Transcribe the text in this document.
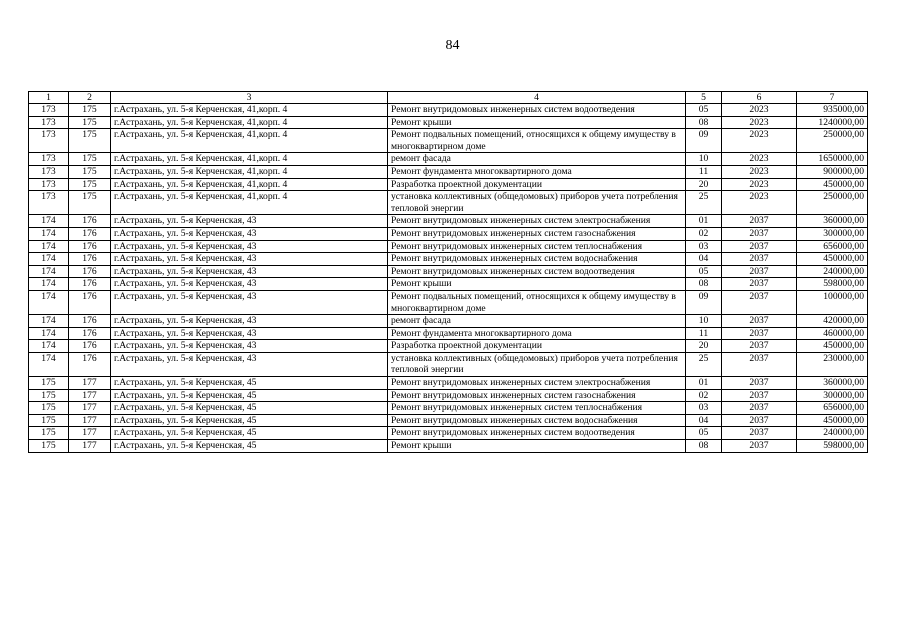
84
1	2	3	4	5	6	7
173	175	г.Астрахань, ул. 5-я Керченская, 41,корп. 4	Ремонт внутридомовых инженерных систем водоотведения	05	2023	935000,00
173	175	г.Астрахань, ул. 5-я Керченская, 41,корп. 4	Ремонт крыши	08	2023	1240000,00
173	175	г.Астрахань, ул. 5-я Керченская, 41,корп. 4	Ремонт подвальных помещений, относящихся к общему имуществу в многоквартирном доме	09	2023	250000,00
173	175	г.Астрахань, ул. 5-я Керченская, 41,корп. 4	ремонт фасада	10	2023	1650000,00
173	175	г.Астрахань, ул. 5-я Керченская, 41,корп. 4	Ремонт фундамента многоквартирного дома	11	2023	900000,00
173	175	г.Астрахань, ул. 5-я Керченская, 41,корп. 4	Разработка проектной документации	20	2023	450000,00
173	175	г.Астрахань, ул. 5-я Керченская, 41,корп. 4	установка коллективных (общедомовых) приборов учета потребления тепловой энергии	25	2023	250000,00
174	176	г.Астрахань, ул. 5-я Керченская, 43	Ремонт внутридомовых инженерных систем электроснабжения	01	2037	360000,00
174	176	г.Астрахань, ул. 5-я Керченская, 43	Ремонт внутридомовых инженерных систем газоснабжения	02	2037	300000,00
174	176	г.Астрахань, ул. 5-я Керченская, 43	Ремонт внутридомовых инженерных систем теплоснабжения	03	2037	656000,00
174	176	г.Астрахань, ул. 5-я Керченская, 43	Ремонт внутридомовых инженерных систем водоснабжения	04	2037	450000,00
174	176	г.Астрахань, ул. 5-я Керченская, 43	Ремонт внутридомовых инженерных систем водоотведения	05	2037	240000,00
174	176	г.Астрахань, ул. 5-я Керченская, 43	Ремонт крыши	08	2037	598000,00
174	176	г.Астрахань, ул. 5-я Керченская, 43	Ремонт подвальных помещений, относящихся к общему имуществу в многоквартирном доме	09	2037	100000,00
174	176	г.Астрахань, ул. 5-я Керченская, 43	ремонт фасада	10	2037	420000,00
174	176	г.Астрахань, ул. 5-я Керченская, 43	Ремонт фундамента многоквартирного дома	11	2037	460000,00
174	176	г.Астрахань, ул. 5-я Керченская, 43	Разработка проектной документации	20	2037	450000,00
174	176	г.Астрахань, ул. 5-я Керченская, 43	установка коллективных (общедомовых) приборов учета потребления тепловой энергии	25	2037	230000,00
175	177	г.Астрахань, ул. 5-я Керченская, 45	Ремонт внутридомовых инженерных систем электроснабжения	01	2037	360000,00
175	177	г.Астрахань, ул. 5-я Керченская, 45	Ремонт внутридомовых инженерных систем газоснабжения	02	2037	300000,00
175	177	г.Астрахань, ул. 5-я Керченская, 45	Ремонт внутридомовых инженерных систем теплоснабжения	03	2037	656000,00
175	177	г.Астрахань, ул. 5-я Керченская, 45	Ремонт внутридомовых инженерных систем водоснабжения	04	2037	450000,00
175	177	г.Астрахань, ул. 5-я Керченская, 45	Ремонт внутридомовых инженерных систем водоотведения	05	2037	240000,00
175	177	г.Астрахань, ул. 5-я Керченская, 45	Ремонт крыши	08	2037	598000,00
